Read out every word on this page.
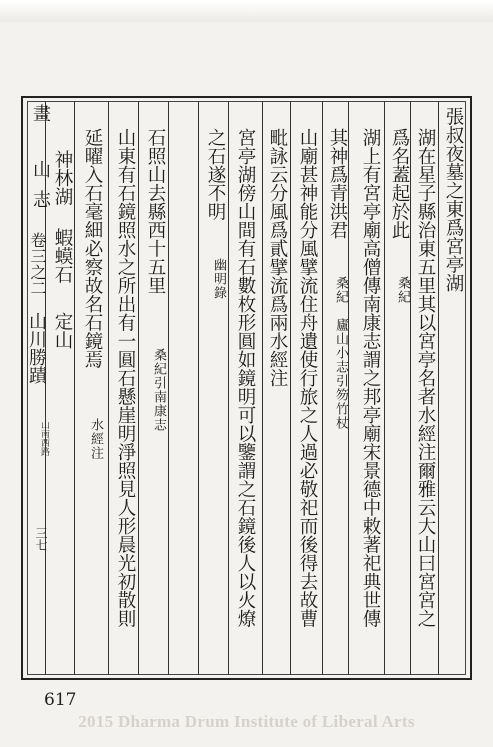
畫
山
志
卷三之二
山川勝蹟
山南西路
三七
張叔夜墓之東爲宮亭湖
湖在星子縣治東五里其以宮亭名者水經注爾雅云大山曰宮宮之
爲名蓋起於此
桑紀
湖上有宮亭廟高僧傳南康志謂之邦亭廟宋景德中敕著祀典世傳
其神爲青洪君
桑紀
廬山小志引笏竹杖
山廟甚神能分風擘流住舟遺使行旅之人過必敬祀而後得去故曹
毗詠云分風爲貳擘流爲兩水經注
宮亭湖傍山間有石數枚形圓如鏡明可以鑒謂之石鏡後人以火燎
之石遂不明
幽明錄
石照山去縣西十五里
桑紀引南康志
山東有石鏡照水之所出有一圓石懸崖明淨照見人形晨光初散則
延曜入石毫細必察故名石鏡焉
水經注
神林湖
蝦蟆石
定山
617
2015 Dharma Drum Institute of Liberal Arts
